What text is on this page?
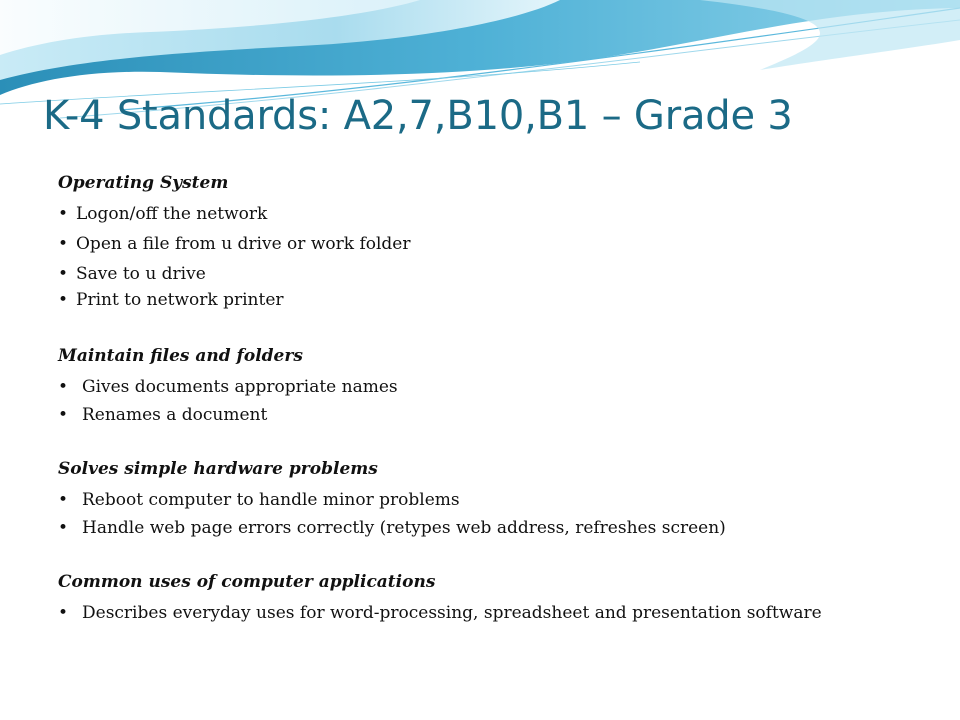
K-4 Standards: A2,7,B10,B1 – Grade 3
Operating System
• Logon/off the network
• Open a file from u drive or work folder
• Save to u drive
• Print to network printer
Maintain files and folders
• Gives documents appropriate names
• Renames a document
Solves simple hardware problems
• Reboot computer to handle minor problems
• Handle web page errors correctly (retypes web address, refreshes screen)
Common uses of computer applications
• Describes everyday uses for word-processing, spreadsheet and presentation software
